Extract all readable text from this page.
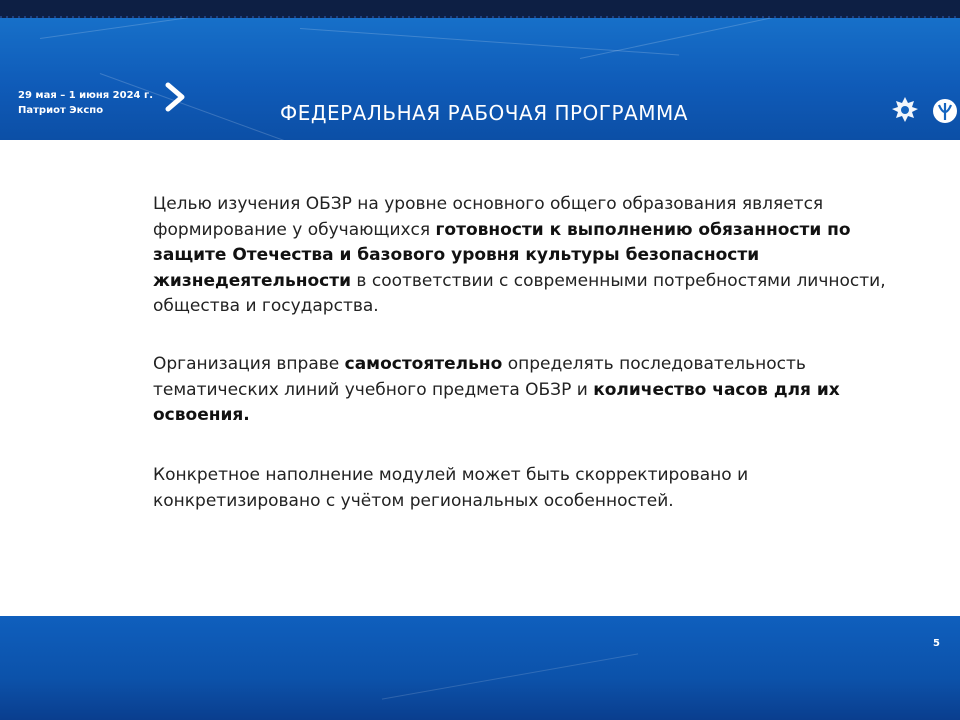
29 мая – 1 июня 2024 г.
Патриот Экспо	ФЕДЕРАЛЬНАЯ РАБОЧАЯ ПРОГРАММА

Целью изучения ОБЗР на уровне основного общего образования является формирование у обучающихся готовности к выполнению обязанности по защите Отечества и базового уровня культуры безопасности жизнедеятельности в соответствии с современными потребностями личности, общества и государства.

Организация вправе самостоятельно определять последовательность тематических линий учебного предмета ОБЗР и количество часов для их освоения.

Конкретное наполнение модулей может быть скорректировано и конкретизировано с учётом региональных особенностей.

5
